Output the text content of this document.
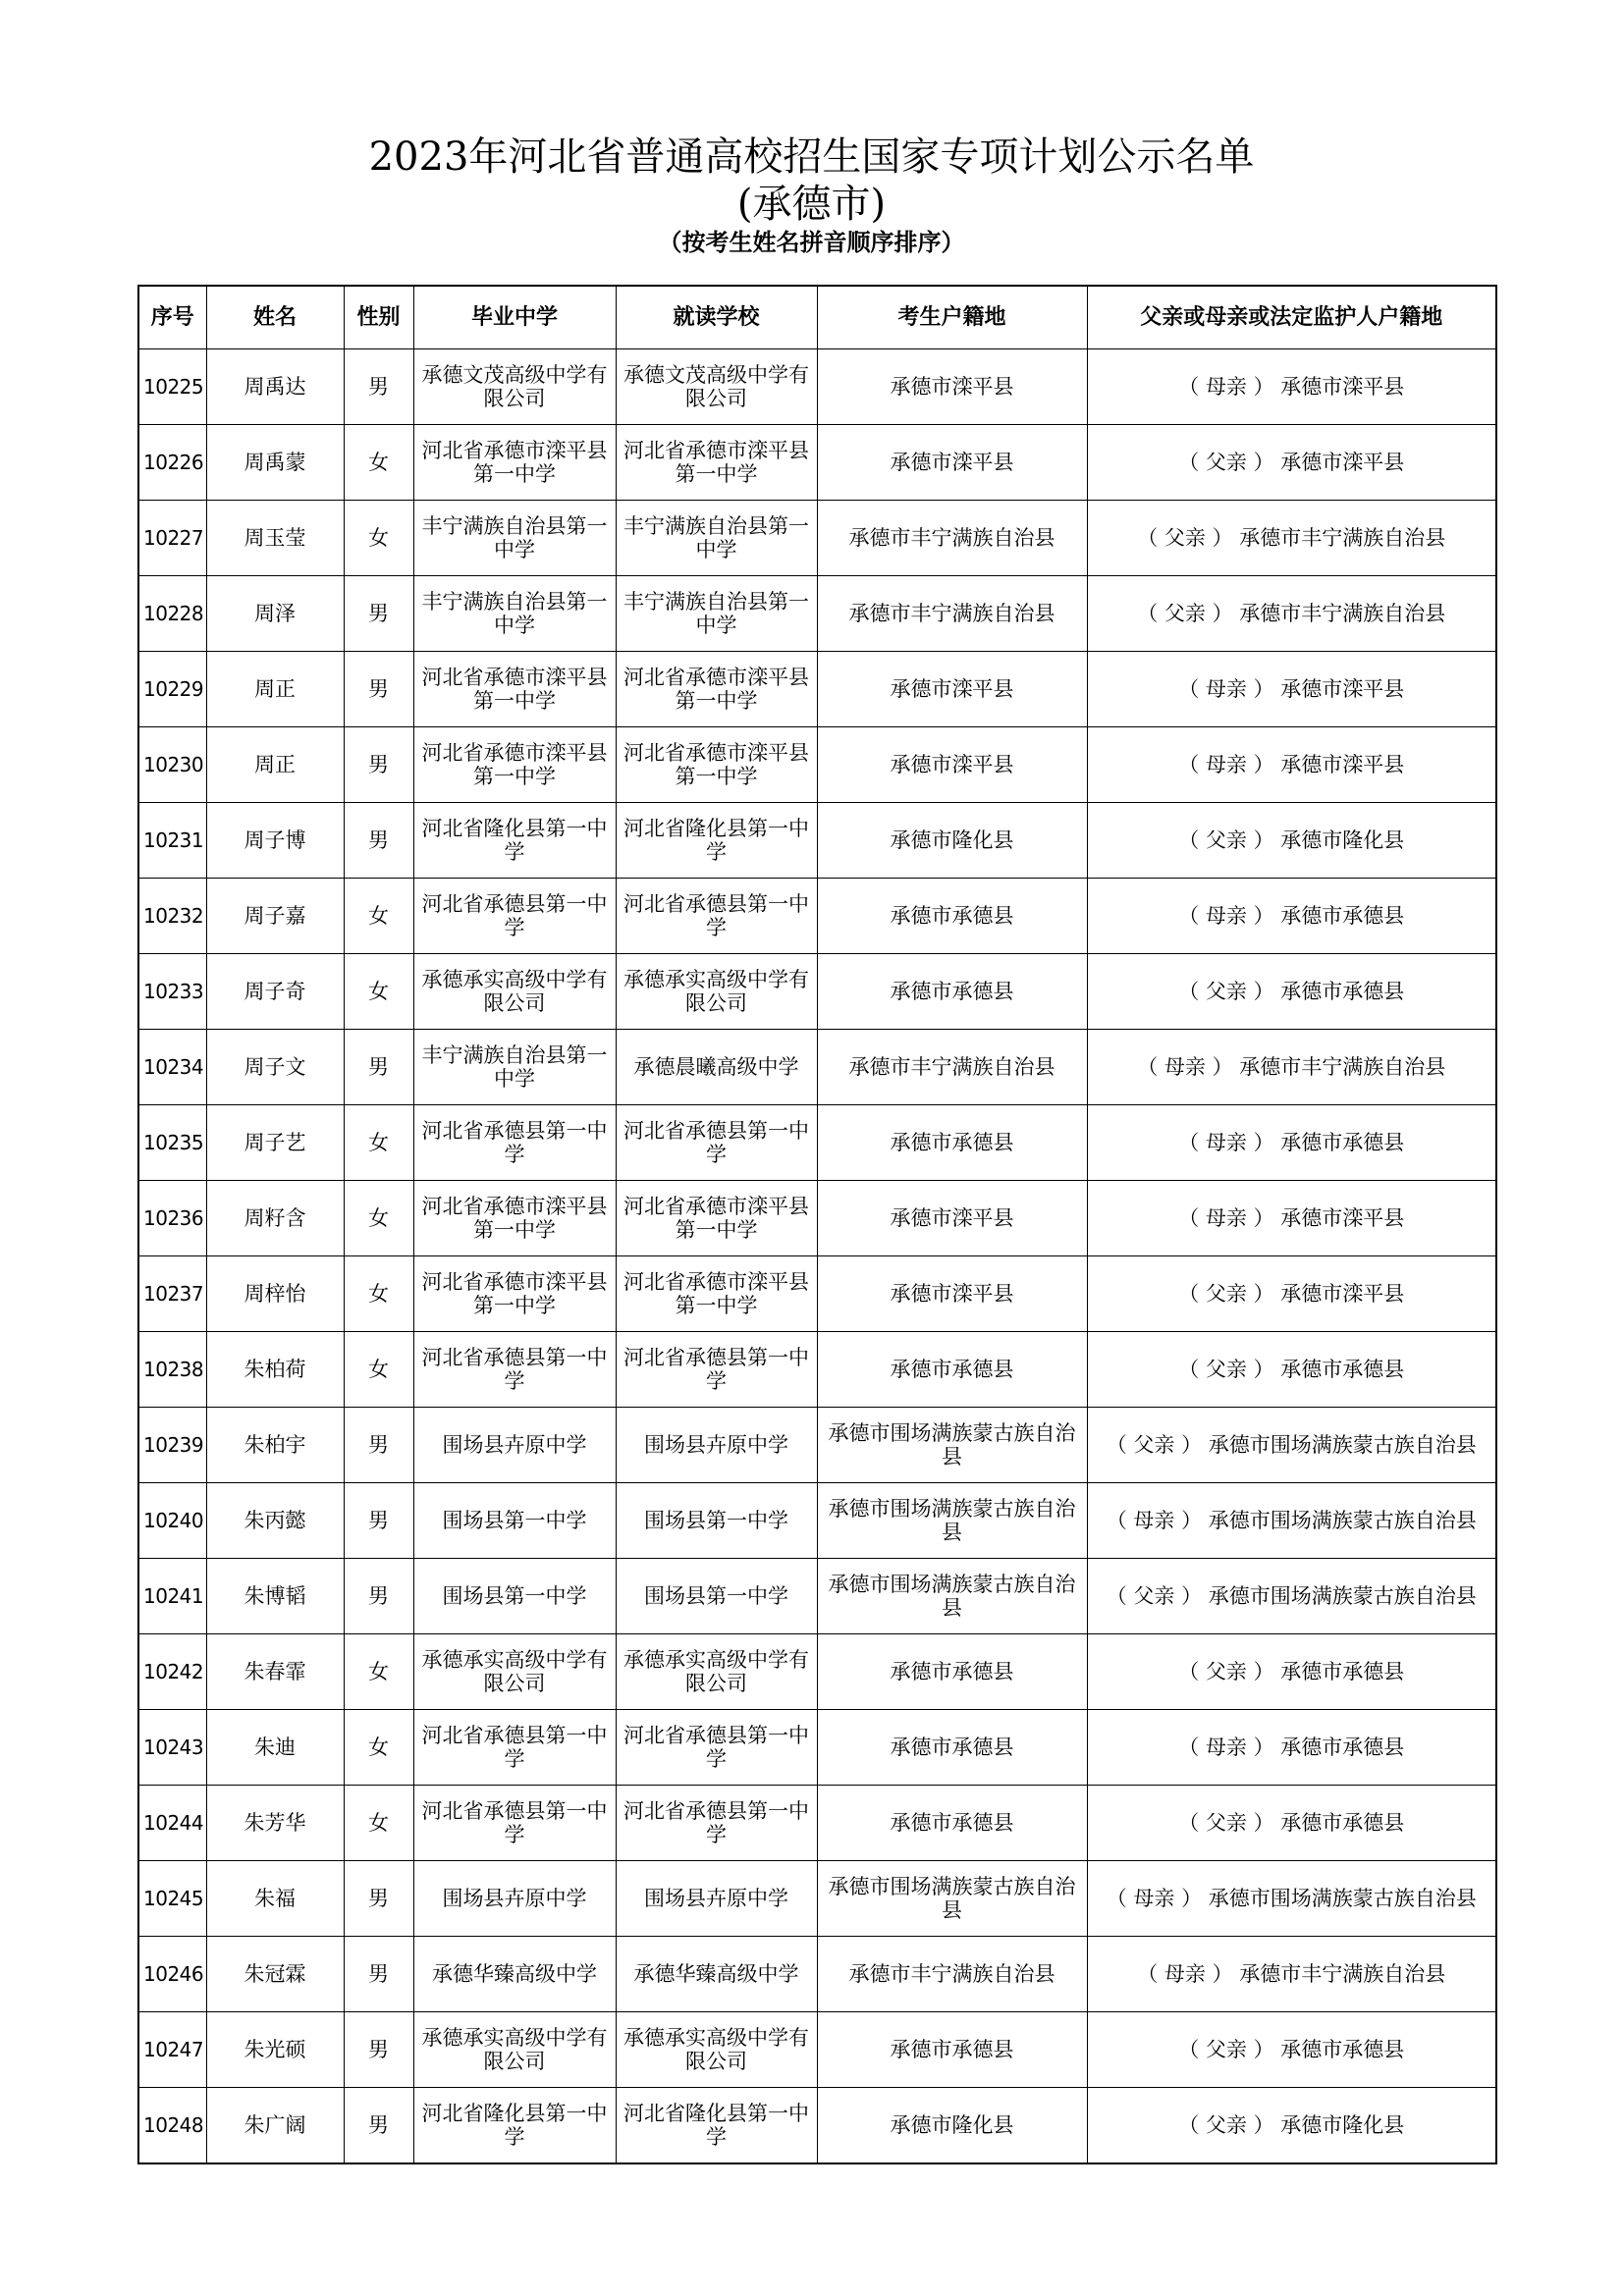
2023年河北省普通高校招生国家专项计划公示名单
(承德市)
（按考生姓名拼音顺序排序）
序号	姓名	性别	毕业中学	就读学校	考生户籍地	父亲或母亲或法定监护人户籍地
10225	周禹达	男	承德文茂高级中学有限公司	承德文茂高级中学有限公司	承德市滦平县	（ 母亲 ） 承德市滦平县
10226	周禹蒙	女	河北省承德市滦平县第一中学	河北省承德市滦平县第一中学	承德市滦平县	（ 父亲 ） 承德市滦平县
10227	周玉莹	女	丰宁满族自治县第一中学	丰宁满族自治县第一中学	承德市丰宁满族自治县	（ 父亲 ） 承德市丰宁满族自治县
10228	周泽	男	丰宁满族自治县第一中学	丰宁满族自治县第一中学	承德市丰宁满族自治县	（ 父亲 ） 承德市丰宁满族自治县
10229	周正	男	河北省承德市滦平县第一中学	河北省承德市滦平县第一中学	承德市滦平县	（ 母亲 ） 承德市滦平县
10230	周正	男	河北省承德市滦平县第一中学	河北省承德市滦平县第一中学	承德市滦平县	（ 母亲 ） 承德市滦平县
10231	周子博	男	河北省隆化县第一中学	河北省隆化县第一中学	承德市隆化县	（ 父亲 ） 承德市隆化县
10232	周子嘉	女	河北省承德县第一中学	河北省承德县第一中学	承德市承德县	（ 母亲 ） 承德市承德县
10233	周子奇	女	承德承实高级中学有限公司	承德承实高级中学有限公司	承德市承德县	（ 父亲 ） 承德市承德县
10234	周子文	男	丰宁满族自治县第一中学	承德晨曦高级中学	承德市丰宁满族自治县	（ 母亲 ） 承德市丰宁满族自治县
10235	周子艺	女	河北省承德县第一中学	河北省承德县第一中学	承德市承德县	（ 母亲 ） 承德市承德县
10236	周籽含	女	河北省承德市滦平县第一中学	河北省承德市滦平县第一中学	承德市滦平县	（ 母亲 ） 承德市滦平县
10237	周梓怡	女	河北省承德市滦平县第一中学	河北省承德市滦平县第一中学	承德市滦平县	（ 父亲 ） 承德市滦平县
10238	朱柏荷	女	河北省承德县第一中学	河北省承德县第一中学	承德市承德县	（ 父亲 ） 承德市承德县
10239	朱柏宇	男	围场县卉原中学	围场县卉原中学	承德市围场满族蒙古族自治县	（ 父亲 ） 承德市围场满族蒙古族自治县
10240	朱丙懿	男	围场县第一中学	围场县第一中学	承德市围场满族蒙古族自治县	（ 母亲 ） 承德市围场满族蒙古族自治县
10241	朱博韬	男	围场县第一中学	围场县第一中学	承德市围场满族蒙古族自治县	（ 父亲 ） 承德市围场满族蒙古族自治县
10242	朱春霏	女	承德承实高级中学有限公司	承德承实高级中学有限公司	承德市承德县	（ 父亲 ） 承德市承德县
10243	朱迪	女	河北省承德县第一中学	河北省承德县第一中学	承德市承德县	（ 母亲 ） 承德市承德县
10244	朱芳华	女	河北省承德县第一中学	河北省承德县第一中学	承德市承德县	（ 父亲 ） 承德市承德县
10245	朱福	男	围场县卉原中学	围场县卉原中学	承德市围场满族蒙古族自治县	（ 母亲 ） 承德市围场满族蒙古族自治县
10246	朱冠霖	男	承德华臻高级中学	承德华臻高级中学	承德市丰宁满族自治县	（ 母亲 ） 承德市丰宁满族自治县
10247	朱光硕	男	承德承实高级中学有限公司	承德承实高级中学有限公司	承德市承德县	（ 父亲 ） 承德市承德县
10248	朱广阔	男	河北省隆化县第一中学	河北省隆化县第一中学	承德市隆化县	（ 父亲 ） 承德市隆化县
